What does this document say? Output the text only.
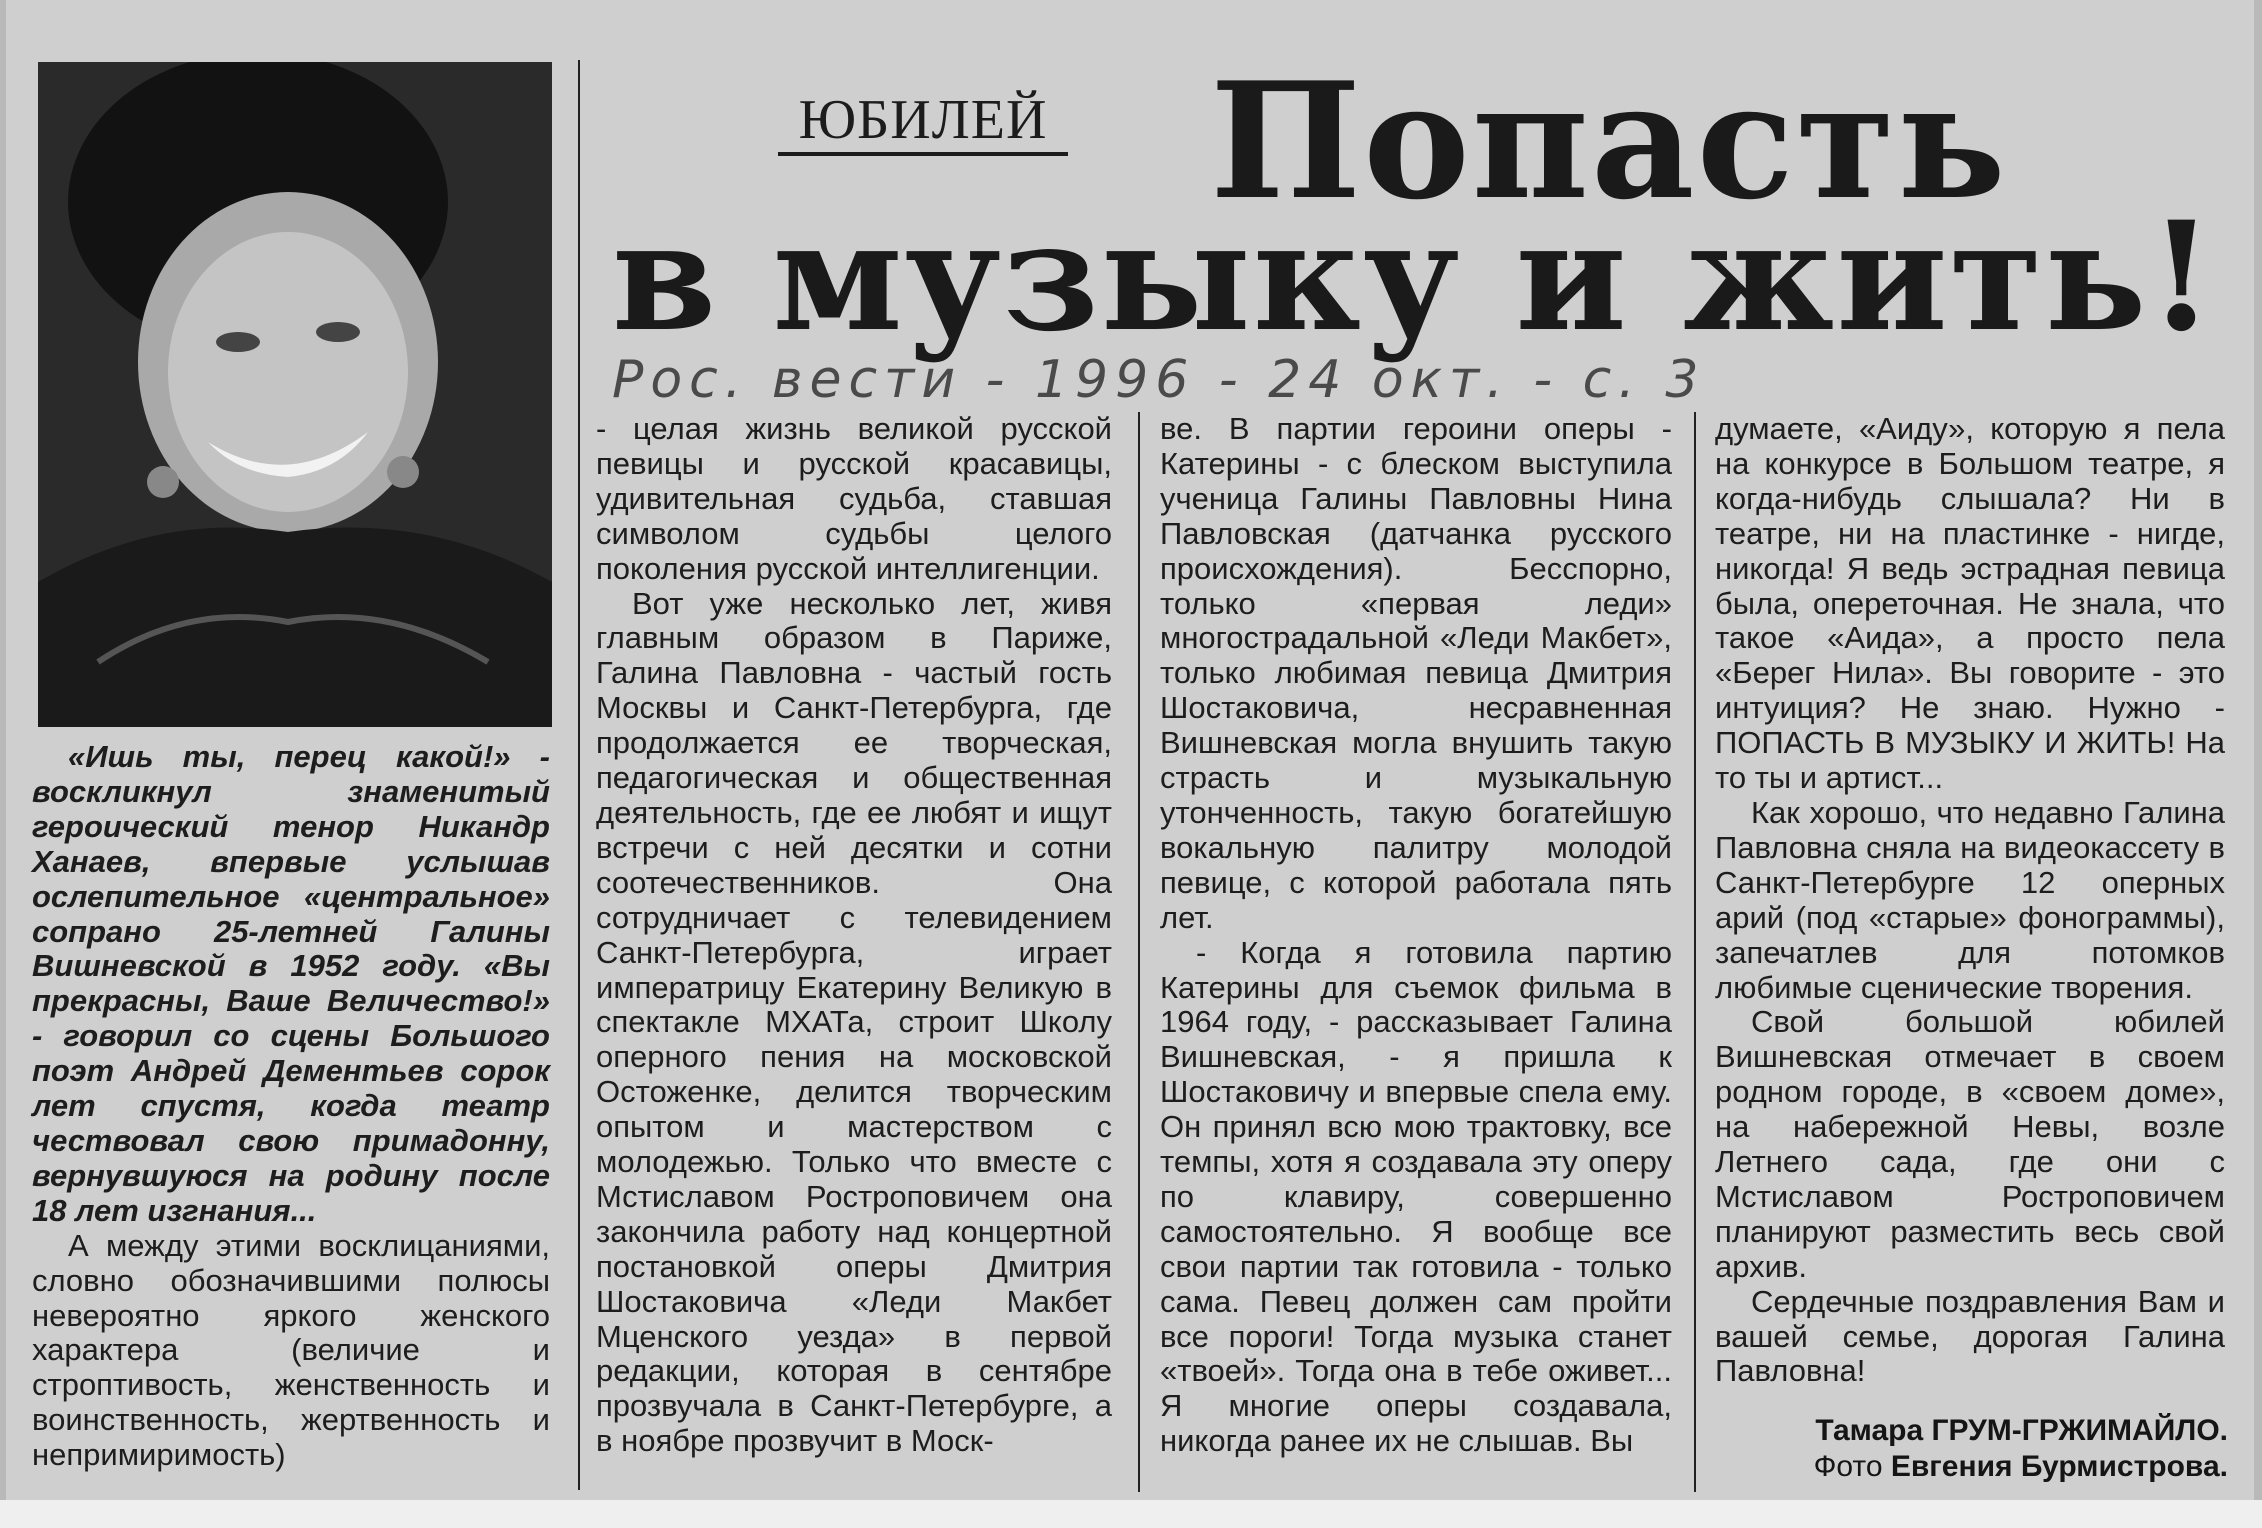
ЮБИЛЕЙ Попасть
в музыку и жить!
Рос. вести - 1996 - 24 окт. - с. 3

«Ишь ты, перец какой!» - воскликнул знаменитый героический тенор Никандр Ханаев, впервые услышав ослепительное «центральное» сопрано 25-летней Галины Вишневской в 1952 году. «Вы прекрасны, Ваше Величество!» - говорил со сцены Большого поэт Андрей Дементьев сорок лет спустя, когда театр чествовал свою примадонну, вернувшуюся на родину после 18 лет изгнания...

А между этими восклицаниями, словно обозначившими полюсы невероятно яркого женского характера (величие и строптивость, женственность и воинственность, жертвенность и непримиримость)

- целая жизнь великой русской певицы и русской красавицы, удивительная судьба, ставшая символом судьбы целого поколения русской интеллигенции.

Вот уже несколько лет, живя главным образом в Париже, Галина Павловна - частый гость Москвы и Санкт-Петербурга, где продолжается ее творческая, педагогическая и общественная деятельность, где ее любят и ищут встречи с ней десятки и сотни соотечественников. Она сотрудничает с телевидением Санкт-Петербурга, играет императрицу Екатерину Великую в спектакле МХАТа, строит Школу оперного пения на московской Остоженке, делится творческим опытом и мастерством с молодежью. Только что вместе с Мстиславом Ростроповичем она закончила работу над концертной постановкой оперы Дмитрия Шостаковича «Леди Макбет Мценского уезда» в первой редакции, которая в сентябре прозвучала в Санкт-Петербурге, а в ноябре прозвучит в Моск-

ве. В партии героини оперы - Катерины - с блеском выступила ученица Галины Павловны Нина Павловская (датчанка русского происхождения). Бесспорно, только «первая леди» многострадальной «Леди Макбет», только любимая певица Дмитрия Шостаковича, несравненная Вишневская могла внушить такую страсть и музыкальную утонченность, такую богатейшую вокальную палитру молодой певице, с которой работала пять лет.

- Когда я готовила партию Катерины для съемок фильма в 1964 году, - рассказывает Галина Вишневская, - я пришла к Шостаковичу и впервые спела ему. Он принял всю мою трактовку, все темпы, хотя я создавала эту оперу по клавиру, совершенно самостоятельно. Я вообще все свои партии так готовила - только сама. Певец должен сам пройти все пороги! Тогда музыка станет «твоей». Тогда она в тебе оживет... Я многие оперы создавала, никогда ранее их не слышав. Вы

думаете, «Аиду», которую я пела на конкурсе в Большом театре, я когда-нибудь слышала? Ни в театре, ни на пластинке - нигде, никогда! Я ведь эстрадная певица была, опереточная. Не знала, что такое «Аида», а просто пела «Берег Нила». Вы говорите - это интуиция? Не знаю. Нужно - ПОПАСТЬ В МУЗЫКУ И ЖИТЬ! На то ты и артист...

Как хорошо, что недавно Галина Павловна сняла на видеокассету в Санкт-Петербурге 12 оперных арий (под «старые» фонограммы), запечатлев для потомков любимые сценические творения.

Свой большой юбилей Вишневская отмечает в своем родном городе, в «своем доме», на набережной Невы, возле Летнего сада, где они с Мстиславом Ростроповичем планируют разместить весь свой архив.

Сердечные поздравления Вам и вашей семье, дорогая Галина Павловна!

Тамара ГРУМ-ГРЖИМАЙЛО.
Фото Евгения Бурмистрова.
